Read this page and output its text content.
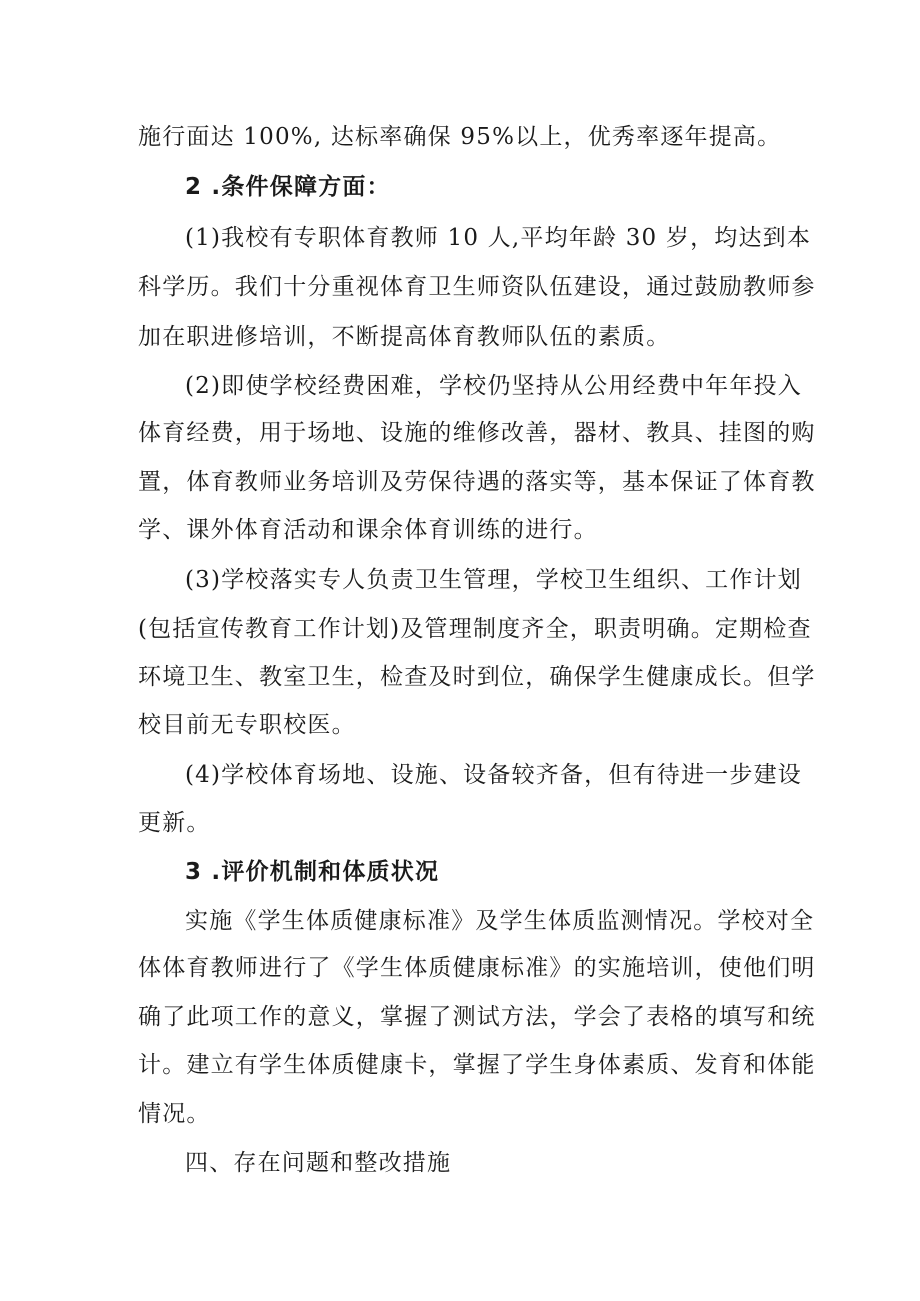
施行面达 100%, 达标率确保 95%以上，优秀率逐年提高。
2 .条件保障方面：
(1)我校有专职体育教师 10 人,平均年龄 30 岁，均达到本
科学历。我们十分重视体育卫生师资队伍建设，通过鼓励教师参
加在职进修培训，不断提高体育教师队伍的素质。
(2)即使学校经费困难，学校仍坚持从公用经费中年年投入
体育经费，用于场地、设施的维修改善，器材、教具、挂图的购
置，体育教师业务培训及劳保待遇的落实等，基本保证了体育教
学、课外体育活动和课余体育训练的进行。
(3)学校落实专人负责卫生管理，学校卫生组织、工作计划
(包括宣传教育工作计划)及管理制度齐全，职责明确。定期检查
环境卫生、教室卫生，检查及时到位，确保学生健康成长。但学
校目前无专职校医。
(4)学校体育场地、设施、设备较齐备，但有待进一步建设
更新。
3 .评价机制和体质状况
实施《学生体质健康标准》及学生体质监测情况。学校对全
体体育教师进行了《学生体质健康标准》的实施培训，使他们明
确了此项工作的意义，掌握了测试方法，学会了表格的填写和统
计。建立有学生体质健康卡，掌握了学生身体素质、发育和体能
情况。
四、存在问题和整改措施
